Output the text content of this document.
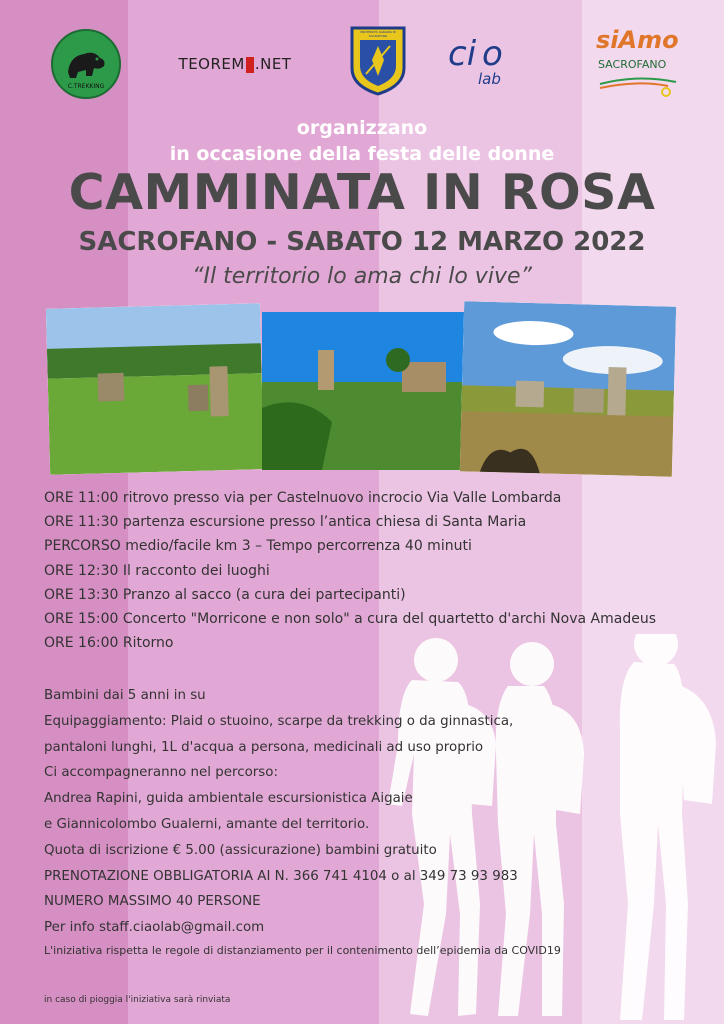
C.TREKKING
TEOREM .NET
UNIVERSITÀ AGRARIA DI SACROFANO	ci o
lab
siAmo
SACROFANO
organizzano
in occasione della festa delle donne
CAMMINATA IN ROSA
SACROFANO - SABATO 12 MARZO 2022
“Il territorio lo ama chi lo vive”
ORE 11:00 ritrovo presso via per Castelnuovo incrocio Via Valle Lombarda
ORE 11:30 partenza escursione presso l’antica chiesa di Santa Maria
PERCORSO medio/facile km 3 – Tempo percorrenza 40 minuti
ORE 12:30 Il racconto dei luoghi
ORE 13:30 Pranzo al sacco (a cura dei partecipanti)
ORE 15:00 Concerto "Morricone e non solo" a cura del quartetto d'archi Nova Amadeus
ORE 16:00 Ritorno
Bambini dai 5 anni in su
Equipaggiamento: Plaid o stuoino, scarpe da trekking o da ginnastica,
pantaloni lunghi, 1L d'acqua a persona, medicinali ad uso proprio
Ci accompagneranno nel percorso:
Andrea Rapini, guida ambientale escursionistica Aigaie
e Giannicolombo Gualerni, amante del territorio.
Quota di iscrizione € 5.00 (assicurazione) bambini gratuito
PRENOTAZIONE OBBLIGATORIA AI N. 366 741 4104 o al 349 73 93 983
NUMERO MASSIMO 40 PERSONE
Per info staff.ciaolab@gmail.com
L'iniziativa rispetta le regole di distanziamento per il contenimento dell’epidemia da COVID19
in caso di pioggia l'iniziativa sarà rinviata
